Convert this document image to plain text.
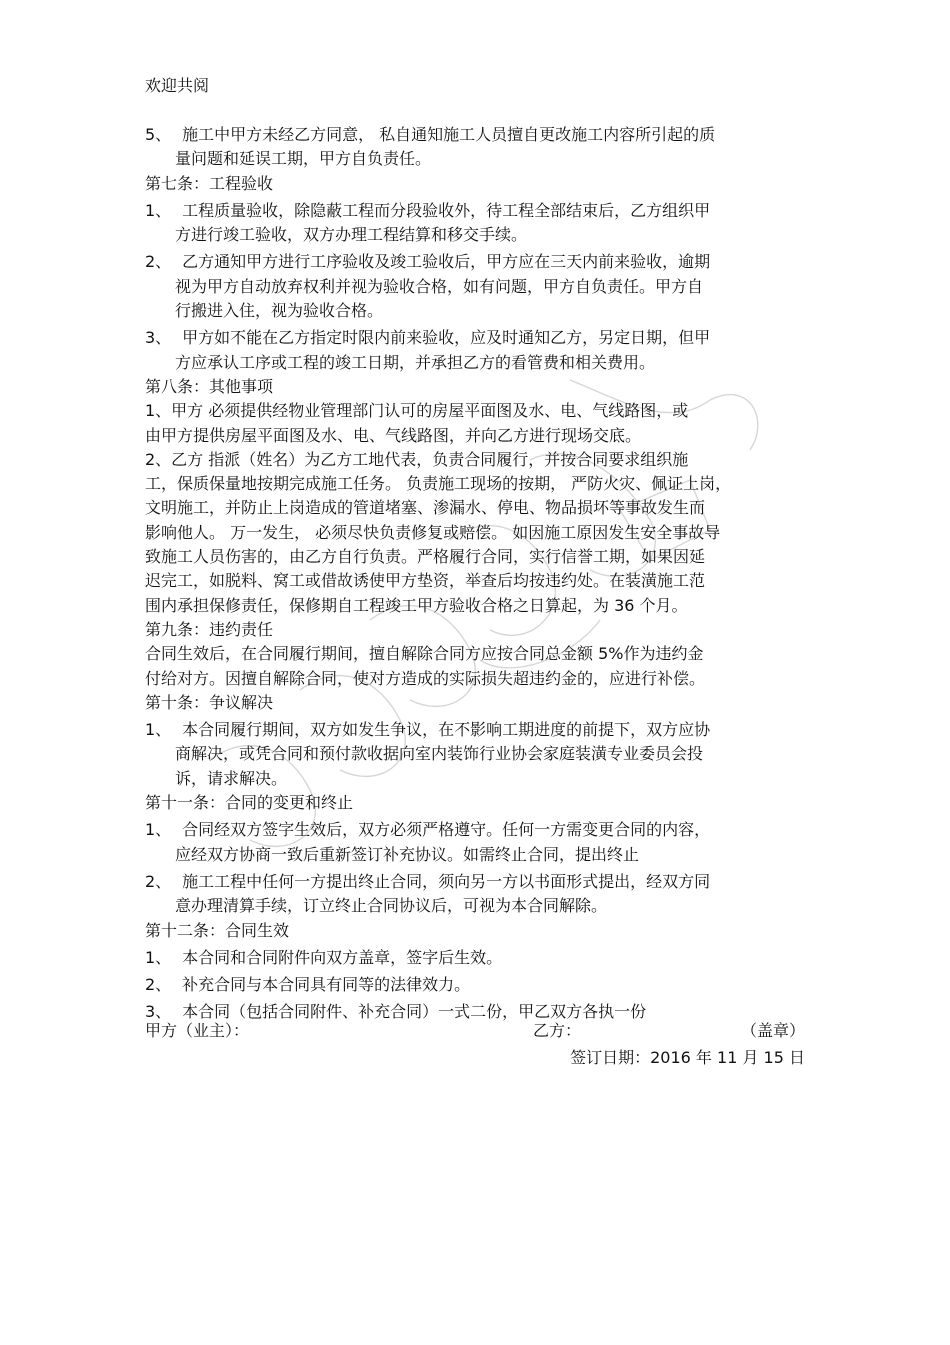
欢迎共阅
5、 施工中甲方未经乙方同意， 私自通知施工人员擅自更改施工内容所引起的质
量问题和延误工期，甲方自负责任。
第七条：工程验收
1、 工程质量验收，除隐蔽工程而分段验收外，待工程全部结束后，乙方组织甲
方进行竣工验收，双方办理工程结算和移交手续。
2、 乙方通知甲方进行工序验收及竣工验收后，甲方应在三天内前来验收，逾期
视为甲方自动放弃权利并视为验收合格，如有问题，甲方自负责任。甲方自
行搬进入住，视为验收合格。
3、 甲方如不能在乙方指定时限内前来验收，应及时通知乙方，另定日期，但甲
方应承认工序或工程的竣工日期，并承担乙方的看管费和相关费用。
第八条：其他事项
1、甲方 必须提供经物业管理部门认可的房屋平面图及水、电、气线路图，或
由甲方提供房屋平面图及水、电、气线路图，并向乙方进行现场交底。
2、乙方 指派（姓名）为乙方工地代表，负责合同履行，并按合同要求组织施
工，保质保量地按期完成施工任务。 负责施工现场的按期， 严防火灾、佩证上岗，
文明施工，并防止上岗造成的管道堵塞、渗漏水、停电、物品损坏等事故发生而
影响他人。 万一发生， 必须尽快负责修复或赔偿。 如因施工原因发生安全事故导
致施工人员伤害的，由乙方自行负责。严格履行合同，实行信誉工期，如果因延
迟完工，如脱料、窝工或借故诱使甲方垫资，举查后均按违约处。在装潢施工范
围内承担保修责任，保修期自工程竣工甲方验收合格之日算起，为 36 个月。
第九条：违约责任
合同生效后，在合同履行期间，擅自解除合同方应按合同总金额 5%作为违约金
付给对方。因擅自解除合同，使对方造成的实际损失超违约金的，应进行补偿。
第十条：争议解决
1、 本合同履行期间，双方如发生争议，在不影响工期进度的前提下，双方应协
商解决，或凭合同和预付款收据向室内装饰行业协会家庭装潢专业委员会投
诉，请求解决。
第十一条：合同的变更和终止
1、 合同经双方签字生效后，双方必须严格遵守。任何一方需变更合同的内容，
应经双方协商一致后重新签订补充协议。如需终止合同，提出终止
2、 施工工程中任何一方提出终止合同，须向另一方以书面形式提出，经双方同
意办理清算手续，订立终止合同协议后，可视为本合同解除。
第十二条：合同生效
1、 本合同和合同附件向双方盖章，签字后生效。
2、 补充合同与本合同具有同等的法律效力。
3、 本合同（包括合同附件、补充合同）一式二份，甲乙双方各执一份
甲方（业主）：	乙方：	（盖章）
签订日期：2016 年 11 月 15 日
